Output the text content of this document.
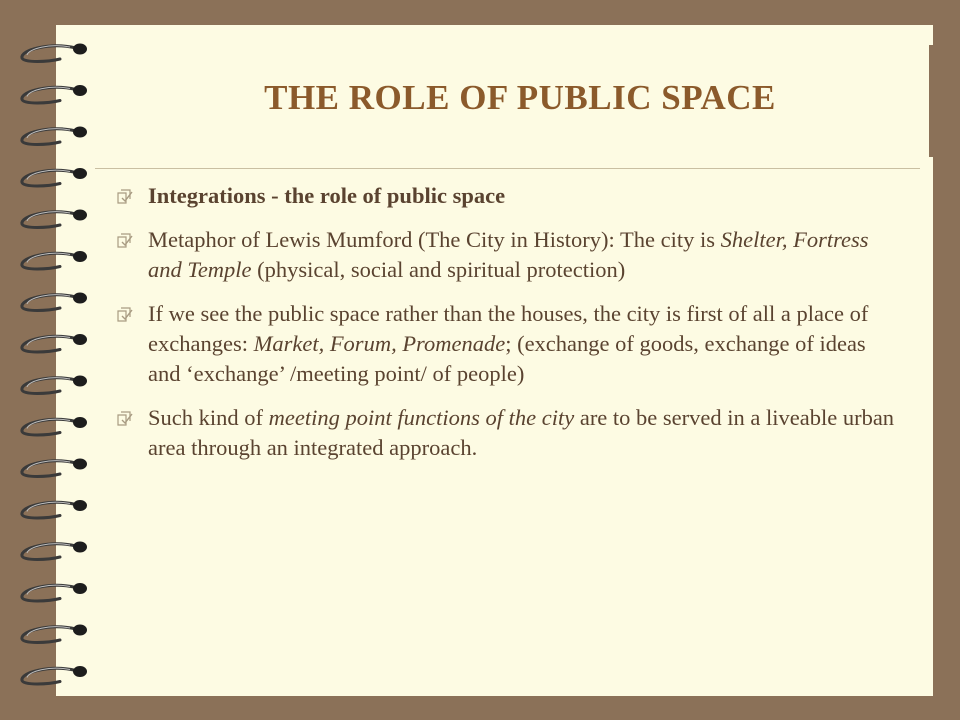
THE ROLE OF PUBLIC SPACE
Integrations - the role of public space
Metaphor of Lewis Mumford (The City in History): The city is Shelter, Fortress and Temple (physical, social and spiritual protection)
If we see the public space rather than the houses, the city is first of all a place of exchanges: Market, Forum, Promenade; (exchange of goods, exchange of ideas and ‘exchange’ /meeting point/ of people)
Such kind of meeting point functions of the city are to be served in a liveable urban area through an integrated approach.
